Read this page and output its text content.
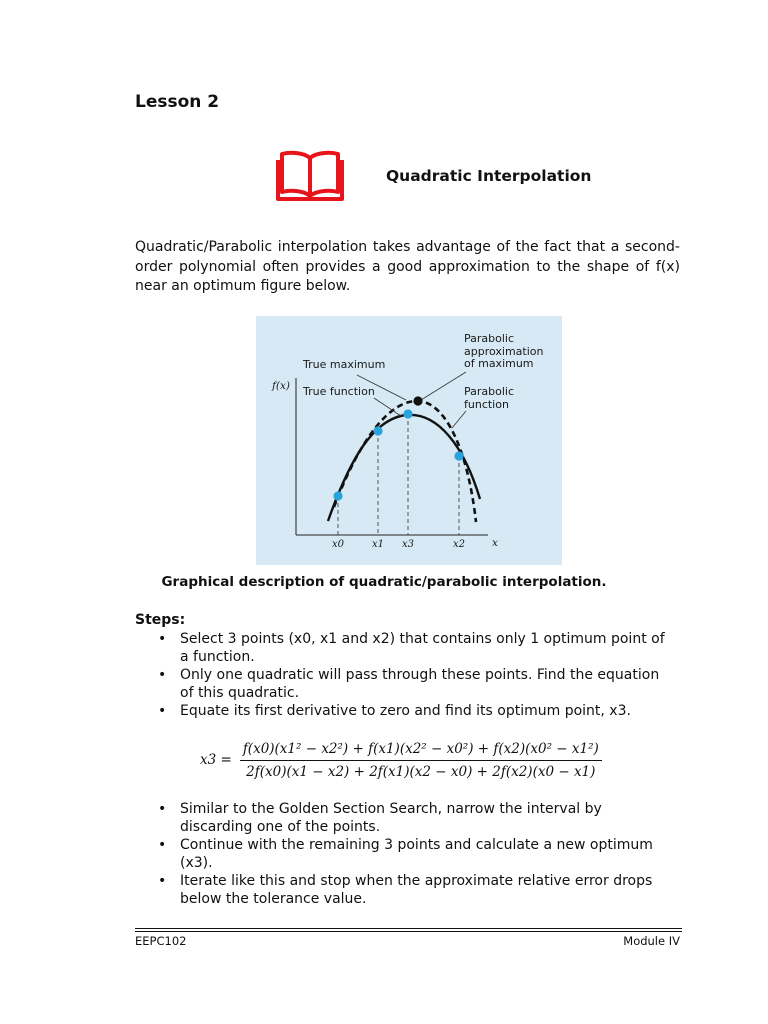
Lesson 2
Quadratic Interpolation
Quadratic/Parabolic interpolation takes advantage of the fact that a second-order polynomial often provides a good approximation to the shape of f(x) near an optimum figure below.
Parabolic
approximation
of maximum
True maximum
True function	Parabolic
function
f(x)
x
x0	x1 x3	x2
Graphical description of quadratic/parabolic interpolation.
Steps:
• Select 3 points (x0, x1 and x2) that contains only 1 optimum point of a function.
• Only one quadratic will pass through these points. Find the equation of this quadratic.
• Equate its first derivative to zero and find its optimum point, x3.
$x3 = \frac{\text{f(x0)(x1² − x2²) + f(x1)(x2² − x0²) + f(x2)(x0² − x1²)}}{2f(x0)(x1 - x2) + 2f(x1)(x2 - x0) + 2f(x2)(x0 - x1)}$
• Similar to the Golden Section Search, narrow the interval by discarding one of the points.
• Continue with the remaining 3 points and calculate a new optimum (x3).
• Iterate like this and stop when the approximate relative error drops below the tolerance value.
EEPC102	Module IV
